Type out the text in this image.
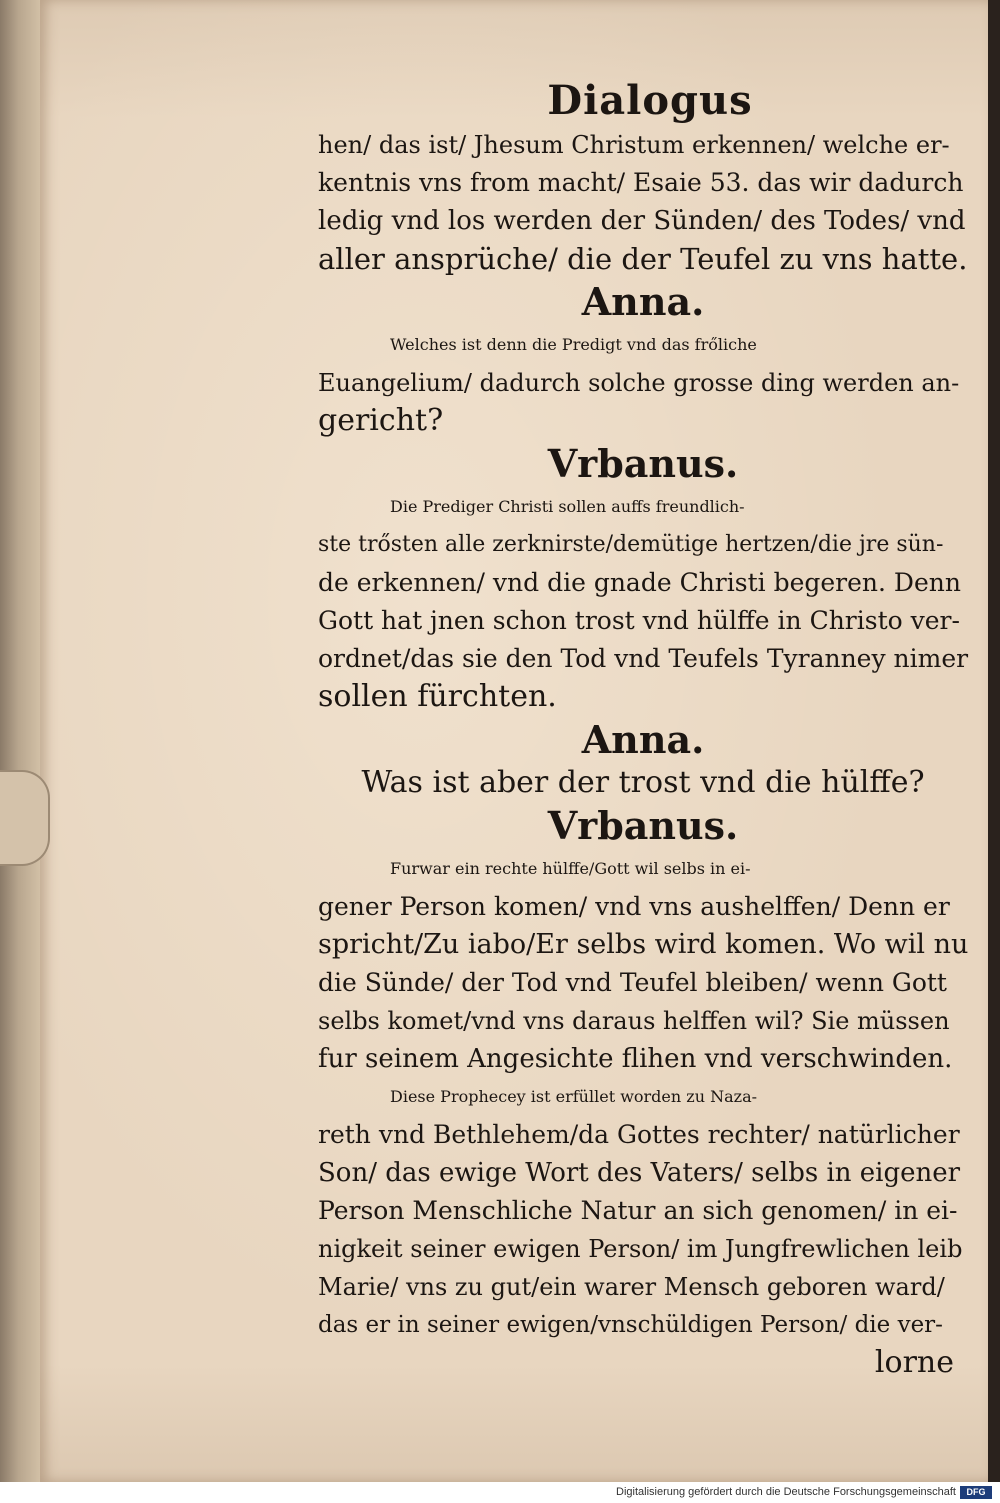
Dialogus
hen/ das ist/ Jhesum Christum erkennen/ welche er-
kentnis vns from macht/ Esaie 53. das wir dadurch
ledig vnd los werden der Sünden/ des Todes/ vnd
aller ansprüche/ die der Teufel zu vns hatte.
Anna.
Welches ist denn die Predigt vnd das frőliche
Euangelium/ dadurch solche grosse ding werden an-
gericht?
Vrbanus.
Die Prediger Christi sollen auffs freundlich-
ste trősten alle zerknirste/demütige hertzen/die jre sün-
de erkennen/ vnd die gnade Christi begeren. Denn
Gott hat jnen schon trost vnd hülffe in Christo ver-
ordnet/das sie den Tod vnd Teufels Tyranney nimer
sollen fürchten.
Anna.
Was ist aber der trost vnd die hülffe?
Vrbanus.
Furwar ein rechte hülffe/Gott wil selbs in ei-
gener Person komen/ vnd vns aushelffen/ Denn er
spricht/Zu iabo/Er selbs wird komen. Wo wil nu
die Sünde/ der Tod vnd Teufel bleiben/ wenn Gott
selbs komet/vnd vns daraus helffen wil? Sie müssen
fur seinem Angesichte flihen vnd verschwinden.
Diese Prophecey ist erfüllet worden zu Naza-
reth vnd Bethlehem/da Gottes rechter/ natürlicher
Son/ das ewige Wort des Vaters/ selbs in eigener
Person Menschliche Natur an sich genomen/ in ei-
nigkeit seiner ewigen Person/ im Jungfrewlichen leib
Marie/ vns zu gut/ein warer Mensch geboren ward/
das er in seiner ewigen/vnschüldigen Person/ die ver-
lorne
Digitalisierung gefördert durch die Deutsche Forschungsgemeinschaft	DFG
